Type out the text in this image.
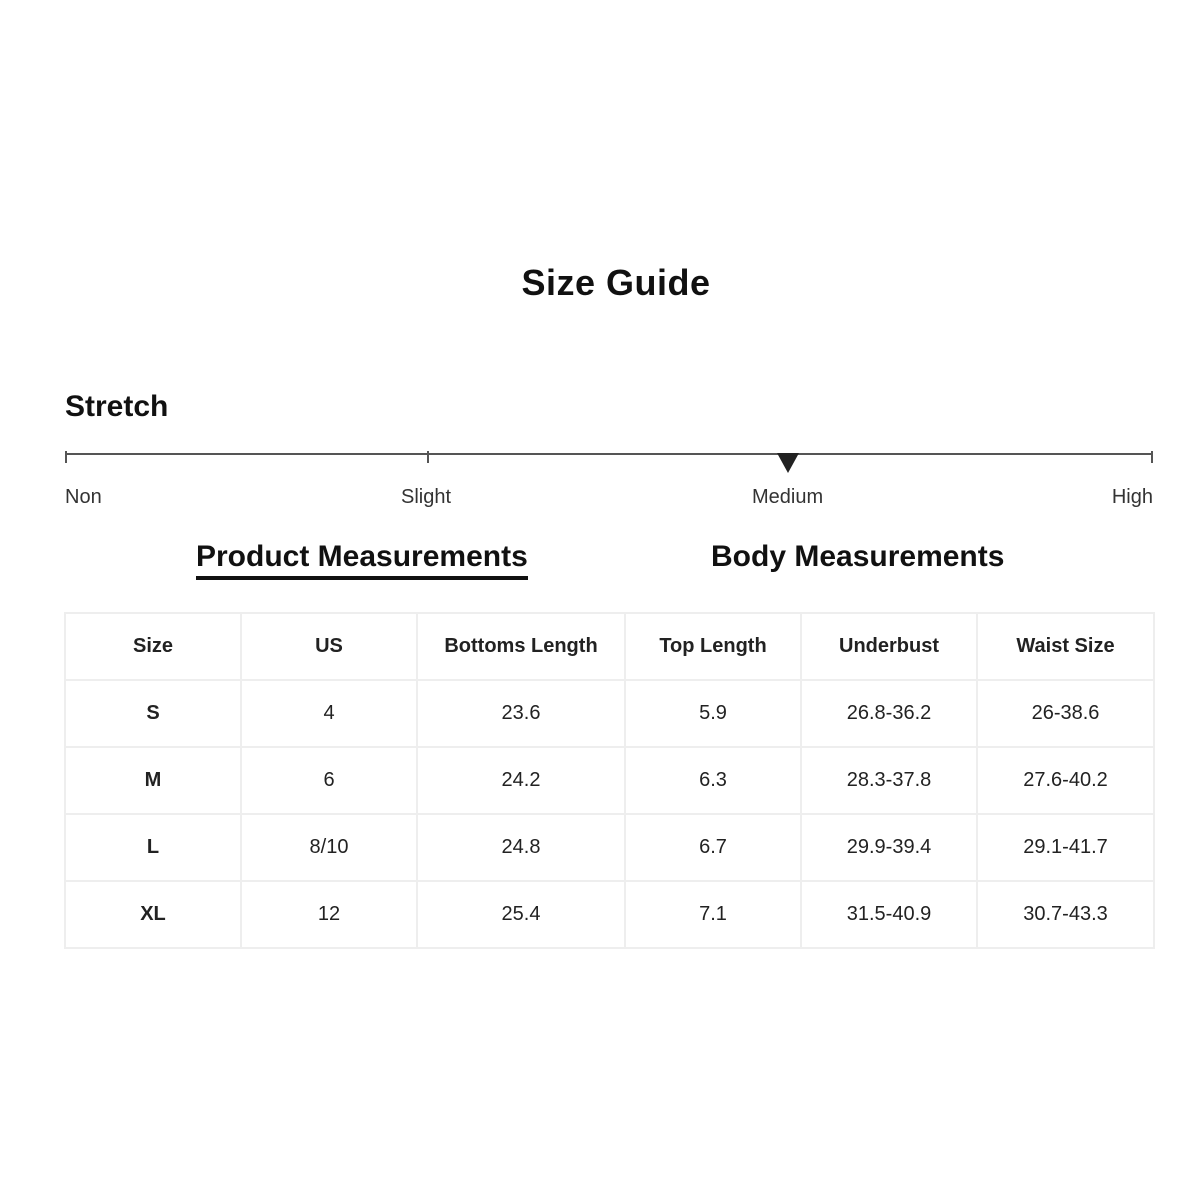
Size Guide
Stretch
Non	Slight	Medium	High
Product Measurements	Body Measurements
Size	US	Bottoms Length	Top Length	Underbust	Waist Size
S	4	23.6	5.9	26.8-36.2	26-38.6
M	6	24.2	6.3	28.3-37.8	27.6-40.2
L	8/10	24.8	6.7	29.9-39.4	29.1-41.7
XL	12	25.4	7.1	31.5-40.9	30.7-43.3
